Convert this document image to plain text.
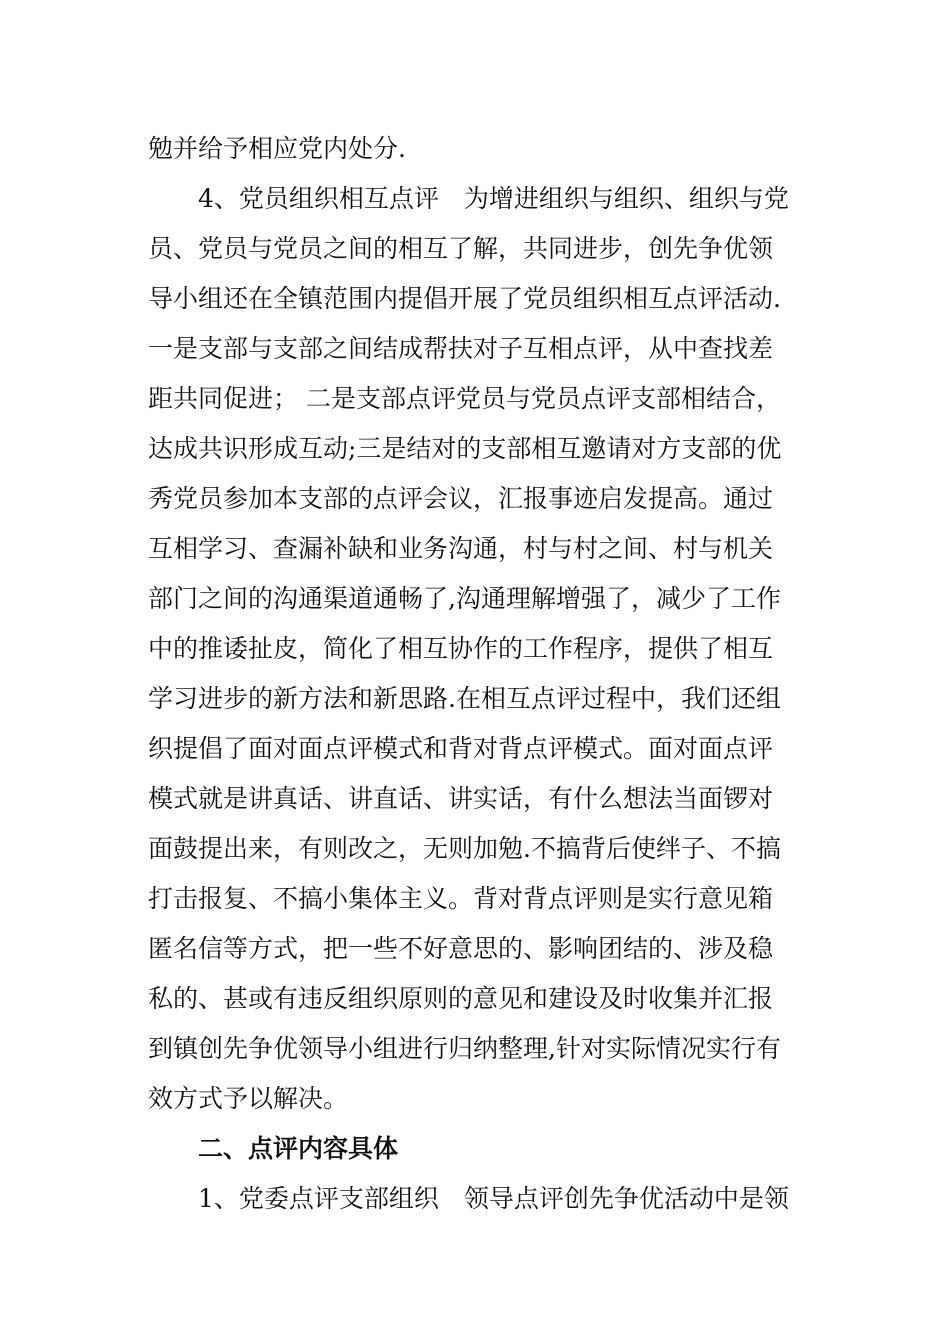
勉并给予相应党内处分.
4、党员组织相互点评　为增进组织与组织、组织与党
员、党员与党员之间的相互了解，共同进步，创先争优领
导小组还在全镇范围内提倡开展了党员组织相互点评活动.
一是支部与支部之间结成帮扶对子互相点评，从中查找差
距共同促进； 二是支部点评党员与党员点评支部相结合，
达成共识形成互动;三是结对的支部相互邀请对方支部的优
秀党员参加本支部的点评会议，汇报事迹启发提高。通过
互相学习、查漏补缺和业务沟通，村与村之间、村与机关
部门之间的沟通渠道通畅了,沟通理解增强了，减少了工作
中的推诿扯皮，简化了相互协作的工作程序，提供了相互
学习进步的新方法和新思路.在相互点评过程中，我们还组
织提倡了面对面点评模式和背对背点评模式。面对面点评
模式就是讲真话、讲直话、讲实话，有什么想法当面锣对
面鼓提出来，有则改之，无则加勉.不搞背后使绊子、不搞
打击报复、不搞小集体主义。背对背点评则是实行意见箱
匿名信等方式，把一些不好意思的、影响团结的、涉及稳
私的、甚或有违反组织原则的意见和建设及时收集并汇报
到镇创先争优领导小组进行归纳整理,针对实际情况实行有
效方式予以解决。
二、点评内容具体
1、党委点评支部组织　领导点评创先争优活动中是领
